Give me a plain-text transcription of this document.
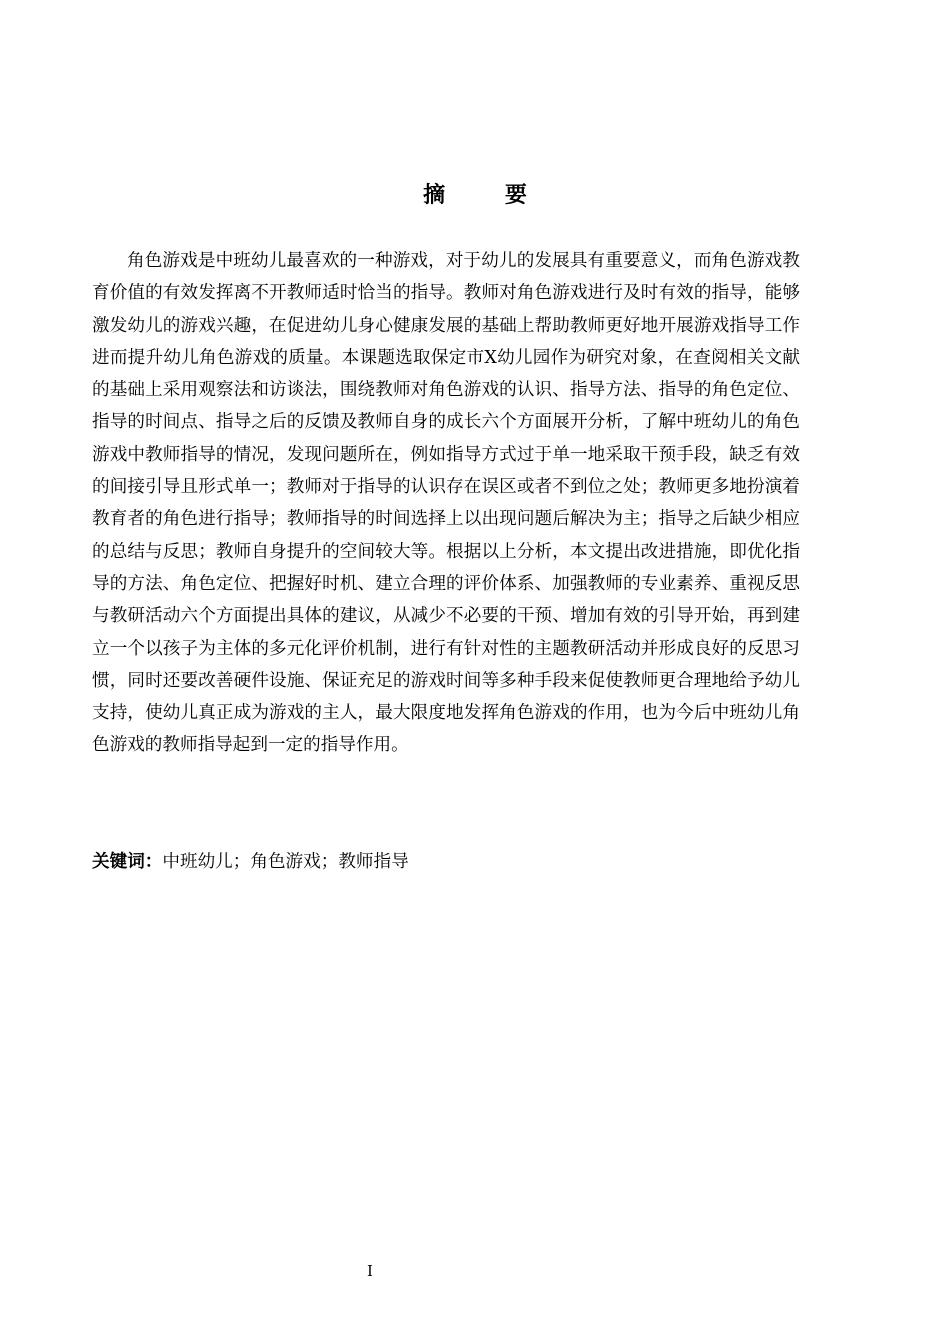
摘 要

角色游戏是中班幼儿最喜欢的一种游戏，对于幼儿的发展具有重要意义，而角色游戏教育价值的有效发挥离不开教师适时恰当的指导。教师对角色游戏进行及时有效的指导，能够激发幼儿的游戏兴趣，在促进幼儿身心健康发展的基础上帮助教师更好地开展游戏指导工作进而提升幼儿角色游戏的质量。本课题选取保定市X幼儿园作为研究对象，在查阅相关文献的基础上采用观察法和访谈法，围绕教师对角色游戏的认识、指导方法、指导的角色定位、指导的时间点、指导之后的反馈及教师自身的成长六个方面展开分析，了解中班幼儿的角色游戏中教师指导的情况，发现问题所在，例如指导方式过于单一地采取干预手段，缺乏有效的间接引导且形式单一；教师对于指导的认识存在误区或者不到位之处；教师更多地扮演着教育者的角色进行指导；教师指导的时间选择上以出现问题后解决为主；指导之后缺少相应的总结与反思；教师自身提升的空间较大等。根据以上分析，本文提出改进措施，即优化指导的方法、角色定位、把握好时机、建立合理的评价体系、加强教师的专业素养、重视反思与教研活动六个方面提出具体的建议，从减少不必要的干预、增加有效的引导开始，再到建立一个以孩子为主体的多元化评价机制，进行有针对性的主题教研活动并形成良好的反思习惯，同时还要改善硬件设施、保证充足的游戏时间等多种手段来促使教师更合理地给予幼儿支持，使幼儿真正成为游戏的主人，最大限度地发挥角色游戏的作用，也为今后中班幼儿角色游戏的教师指导起到一定的指导作用。

关键词：中班幼儿；角色游戏；教师指导
I
